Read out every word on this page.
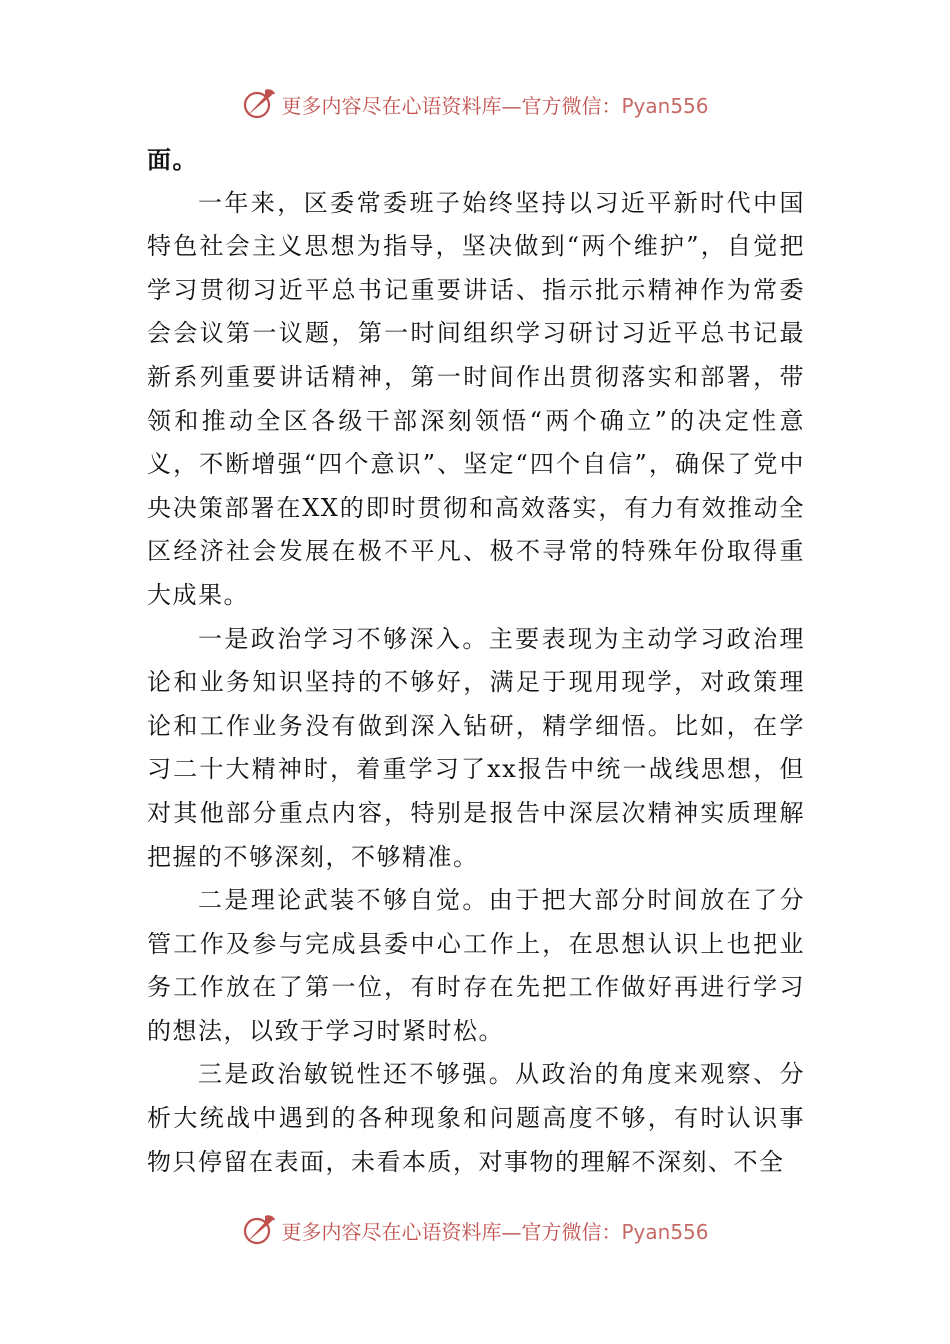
更多内容尽在心语资料库—官方微信：Pyan556

面。

一年来，区委常委班子始终坚持以习近平新时代中国特色社会主义思想为指导，坚决做到“两个维护”，自觉把学习贯彻习近平总书记重要讲话、指示批示精神作为常委会会议第一议题，第一时间组织学习研讨习近平总书记最新系列重要讲话精神，第一时间作出贯彻落实和部署，带领和推动全区各级干部深刻领悟“两个确立”的决定性意义，不断增强“四个意识”、坚定“四个自信”，确保了党中央决策部署在XX的即时贯彻和高效落实，有力有效推动全区经济社会发展在极不平凡、极不寻常的特殊年份取得重大成果。

一是政治学习不够深入。主要表现为主动学习政治理论和业务知识坚持的不够好，满足于现用现学，对政策理论和工作业务没有做到深入钻研，精学细悟。比如，在学习二十大精神时，着重学习了xx报告中统一战线思想，但对其他部分重点内容，特别是报告中深层次精神实质理解把握的不够深刻，不够精准。

二是理论武装不够自觉。由于把大部分时间放在了分管工作及参与完成县委中心工作上，在思想认识上也把业务工作放在了第一位，有时存在先把工作做好再进行学习的想法，以致于学习时紧时松。

三是政治敏锐性还不够强。从政治的角度来观察、分析大统战中遇到的各种现象和问题高度不够，有时认识事物只停留在表面，未看本质，对事物的理解不深刻、不全

更多内容尽在心语资料库—官方微信：Pyan556
